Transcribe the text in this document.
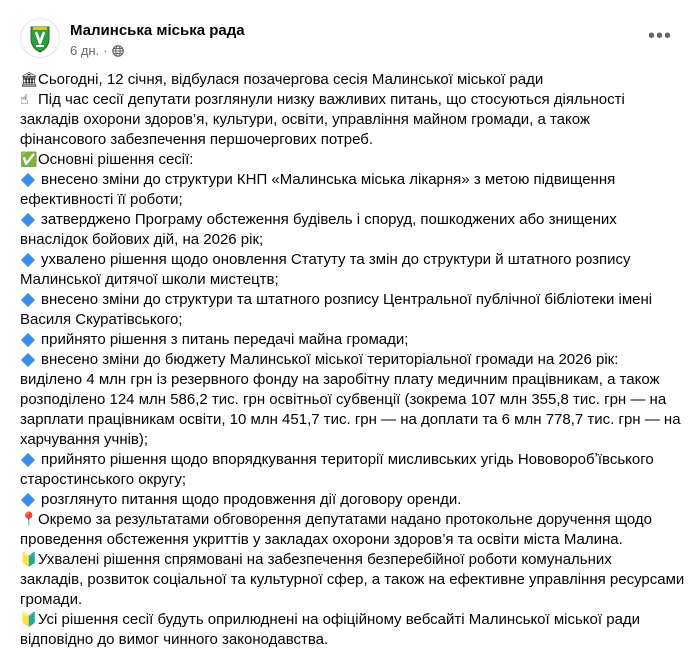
Малинська міська рада
6 дн. ·
•••
🏛Сьогодні, 12 січня, відбулася позачергова сесія Малинської міської ради
☝ Під час сесії депутати розглянули низку важливих питань, що стосуються діяльності
закладів охорони здоров’я, культури, освіти, управління майном громади, а також
фінансового забезпечення першочергових потреб.
✅Основні рішення сесії:
внесено зміни до структури КНП «Малинська міська лікарня» з метою підвищення
ефективності її роботи;
затверджено Програму обстеження будівель і споруд, пошкоджених або знищених
внаслідок бойових дій, на 2026 рік;
ухвалено рішення щодо оновлення Статуту та змін до структури й штатного розпису
Малинської дитячої школи мистецтв;
внесено зміни до структури та штатного розпису Центральної публічної бібліотеки імені
Василя Скуратівського;
прийнято рішення з питань передачі майна громади;
внесено зміни до бюджету Малинської міської територіальної громади на 2026 рік:
виділено 4 млн грн із резервного фонду на заробітну плату медичним працівникам, а також
розподілено 124 млн 586,2 тис. грн освітньої субвенції (зокрема 107 млн 355,8 тис. грн — на
зарплати працівникам освіти, 10 млн 451,7 тис. грн — на доплати та 6 млн 778,7 тис. грн — на
харчування учнів);
прийнято рішення щодо впорядкування території мисливських угідь Нововоробʼївського
старостинського округу;
розглянуто питання щодо продовження дії договору оренди.
📍Окремо за результатами обговорення депутатами надано протокольне доручення щодо
проведення обстеження укриттів у закладах охорони здоров’я та освіти міста Малина.
🔰Ухвалені рішення спрямовані на забезпечення безперебійної роботи комунальних
закладів, розвиток соціальної та культурної сфер, а також на ефективне управління ресурсами
громади.
🔰Усі рішення сесії будуть оприлюднені на офіційному вебсайті Малинської міської ради
відповідно до вимог чинного законодавства.
